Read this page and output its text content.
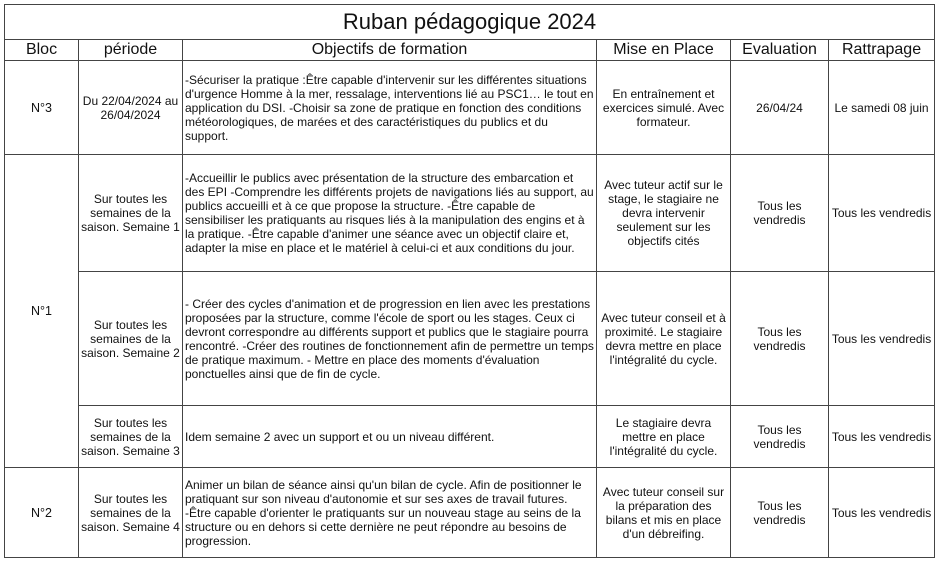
Ruban pédagogique 2024					
Bloc	période	Objectifs de formation	Mise en Place	Evaluation	Rattrapage
N°3	Du 22/04/2024 au 26/04/2024	-Sécuriser la pratique :Être capable d'intervenir sur les différentes situations d'urgence Homme à la mer, ressalage, interventions lié au PSC1… le tout en application du DSI. -Choisir sa zone de pratique en fonction des conditions météorologiques, de marées et des caractéristiques du publics et du support.	En entraînement et exercices simulé. Avec formateur.	26/04/24	Le samedi 08 juin
N°1	Sur toutes les semaines de la saison. Semaine 1	-Accueillir le publics avec présentation de la structure des embarcation et des EPI -Comprendre les différents projets de navigations liés au support, au publics accueilli et à ce que propose la structure. -Être capable de sensibiliser les pratiquants au risques liés à la manipulation des engins et à la pratique. -Être capable d'animer une séance avec un objectif claire et, adapter la mise en place et le matériel à celui-ci et aux conditions du jour.	Avec tuteur actif sur le stage, le stagiaire ne devra intervenir seulement sur les objectifs cités	Tous les vendredis	Tous les vendredis
	Sur toutes les semaines de la saison. Semaine 2	- Créer des cycles d'animation et de progression en lien avec les prestations proposées par la structure, comme l'école de sport ou les stages. Ceux ci devront correspondre au différents support et publics que le stagiaire pourra rencontré. -Créer des routines de fonctionnement afin de permettre un temps de pratique maximum. - Mettre en place des moments d'évaluation ponctuelles ainsi que de fin de cycle.	Avec tuteur conseil et à proximité. Le stagiaire devra mettre en place l'intégralité du cycle.	Tous les vendredis	Tous les vendredis
	Sur toutes les semaines de la saison. Semaine 3	Idem semaine 2 avec un support et ou un niveau différent.	Le stagiaire devra mettre en place l'intégralité du cycle.	Tous les vendredis	Tous les vendredis
N°2	Sur toutes les semaines de la saison. Semaine 4	Animer un bilan de séance ainsi qu'un bilan de cycle. Afin de positionner le pratiquant sur son niveau d'autonomie et sur ses axes de travail futures. -Être capable d'orienter le pratiquants sur un nouveau stage au seins de la structure ou en dehors si cette dernière ne peut répondre au besoins de progression.	Avec tuteur conseil sur la préparation des bilans et mis en place d'un débreifing.	Tous les vendredis	Tous les vendredis
